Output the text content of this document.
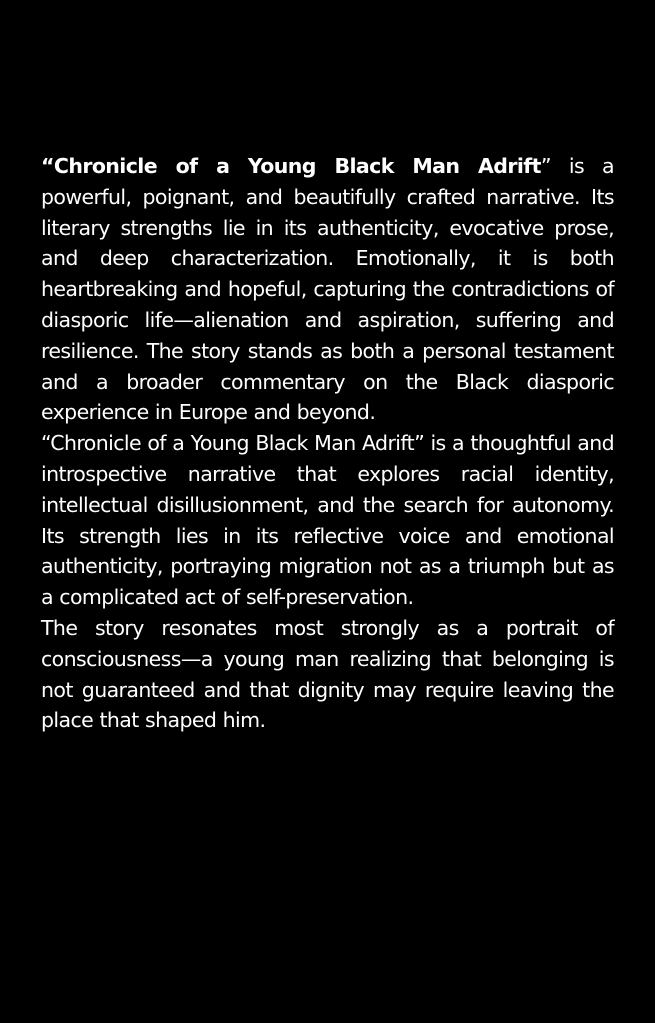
“Chronicle of a Young Black Man Adrift” is a powerful, poignant, and beautifully crafted narrative. Its literary strengths lie in its authenticity, evocative prose, and deep characterization. Emotionally, it is both heartbreaking and hopeful, capturing the contradictions of diasporic life—alienation and aspiration, suffering and resilience. The story stands as both a personal testament and a broader commentary on the Black diasporic experience in Europe and beyond.

“Chronicle of a Young Black Man Adrift” is a thoughtful and introspective narrative that explores racial identity, intellectual disillusionment, and the search for autonomy. Its strength lies in its reflective voice and emotional authenticity, portraying migration not as a triumph but as a complicated act of self-preservation.

The story resonates most strongly as a portrait of consciousness—a young man realizing that belonging is not guaranteed and that dignity may require leaving the place that shaped him.
